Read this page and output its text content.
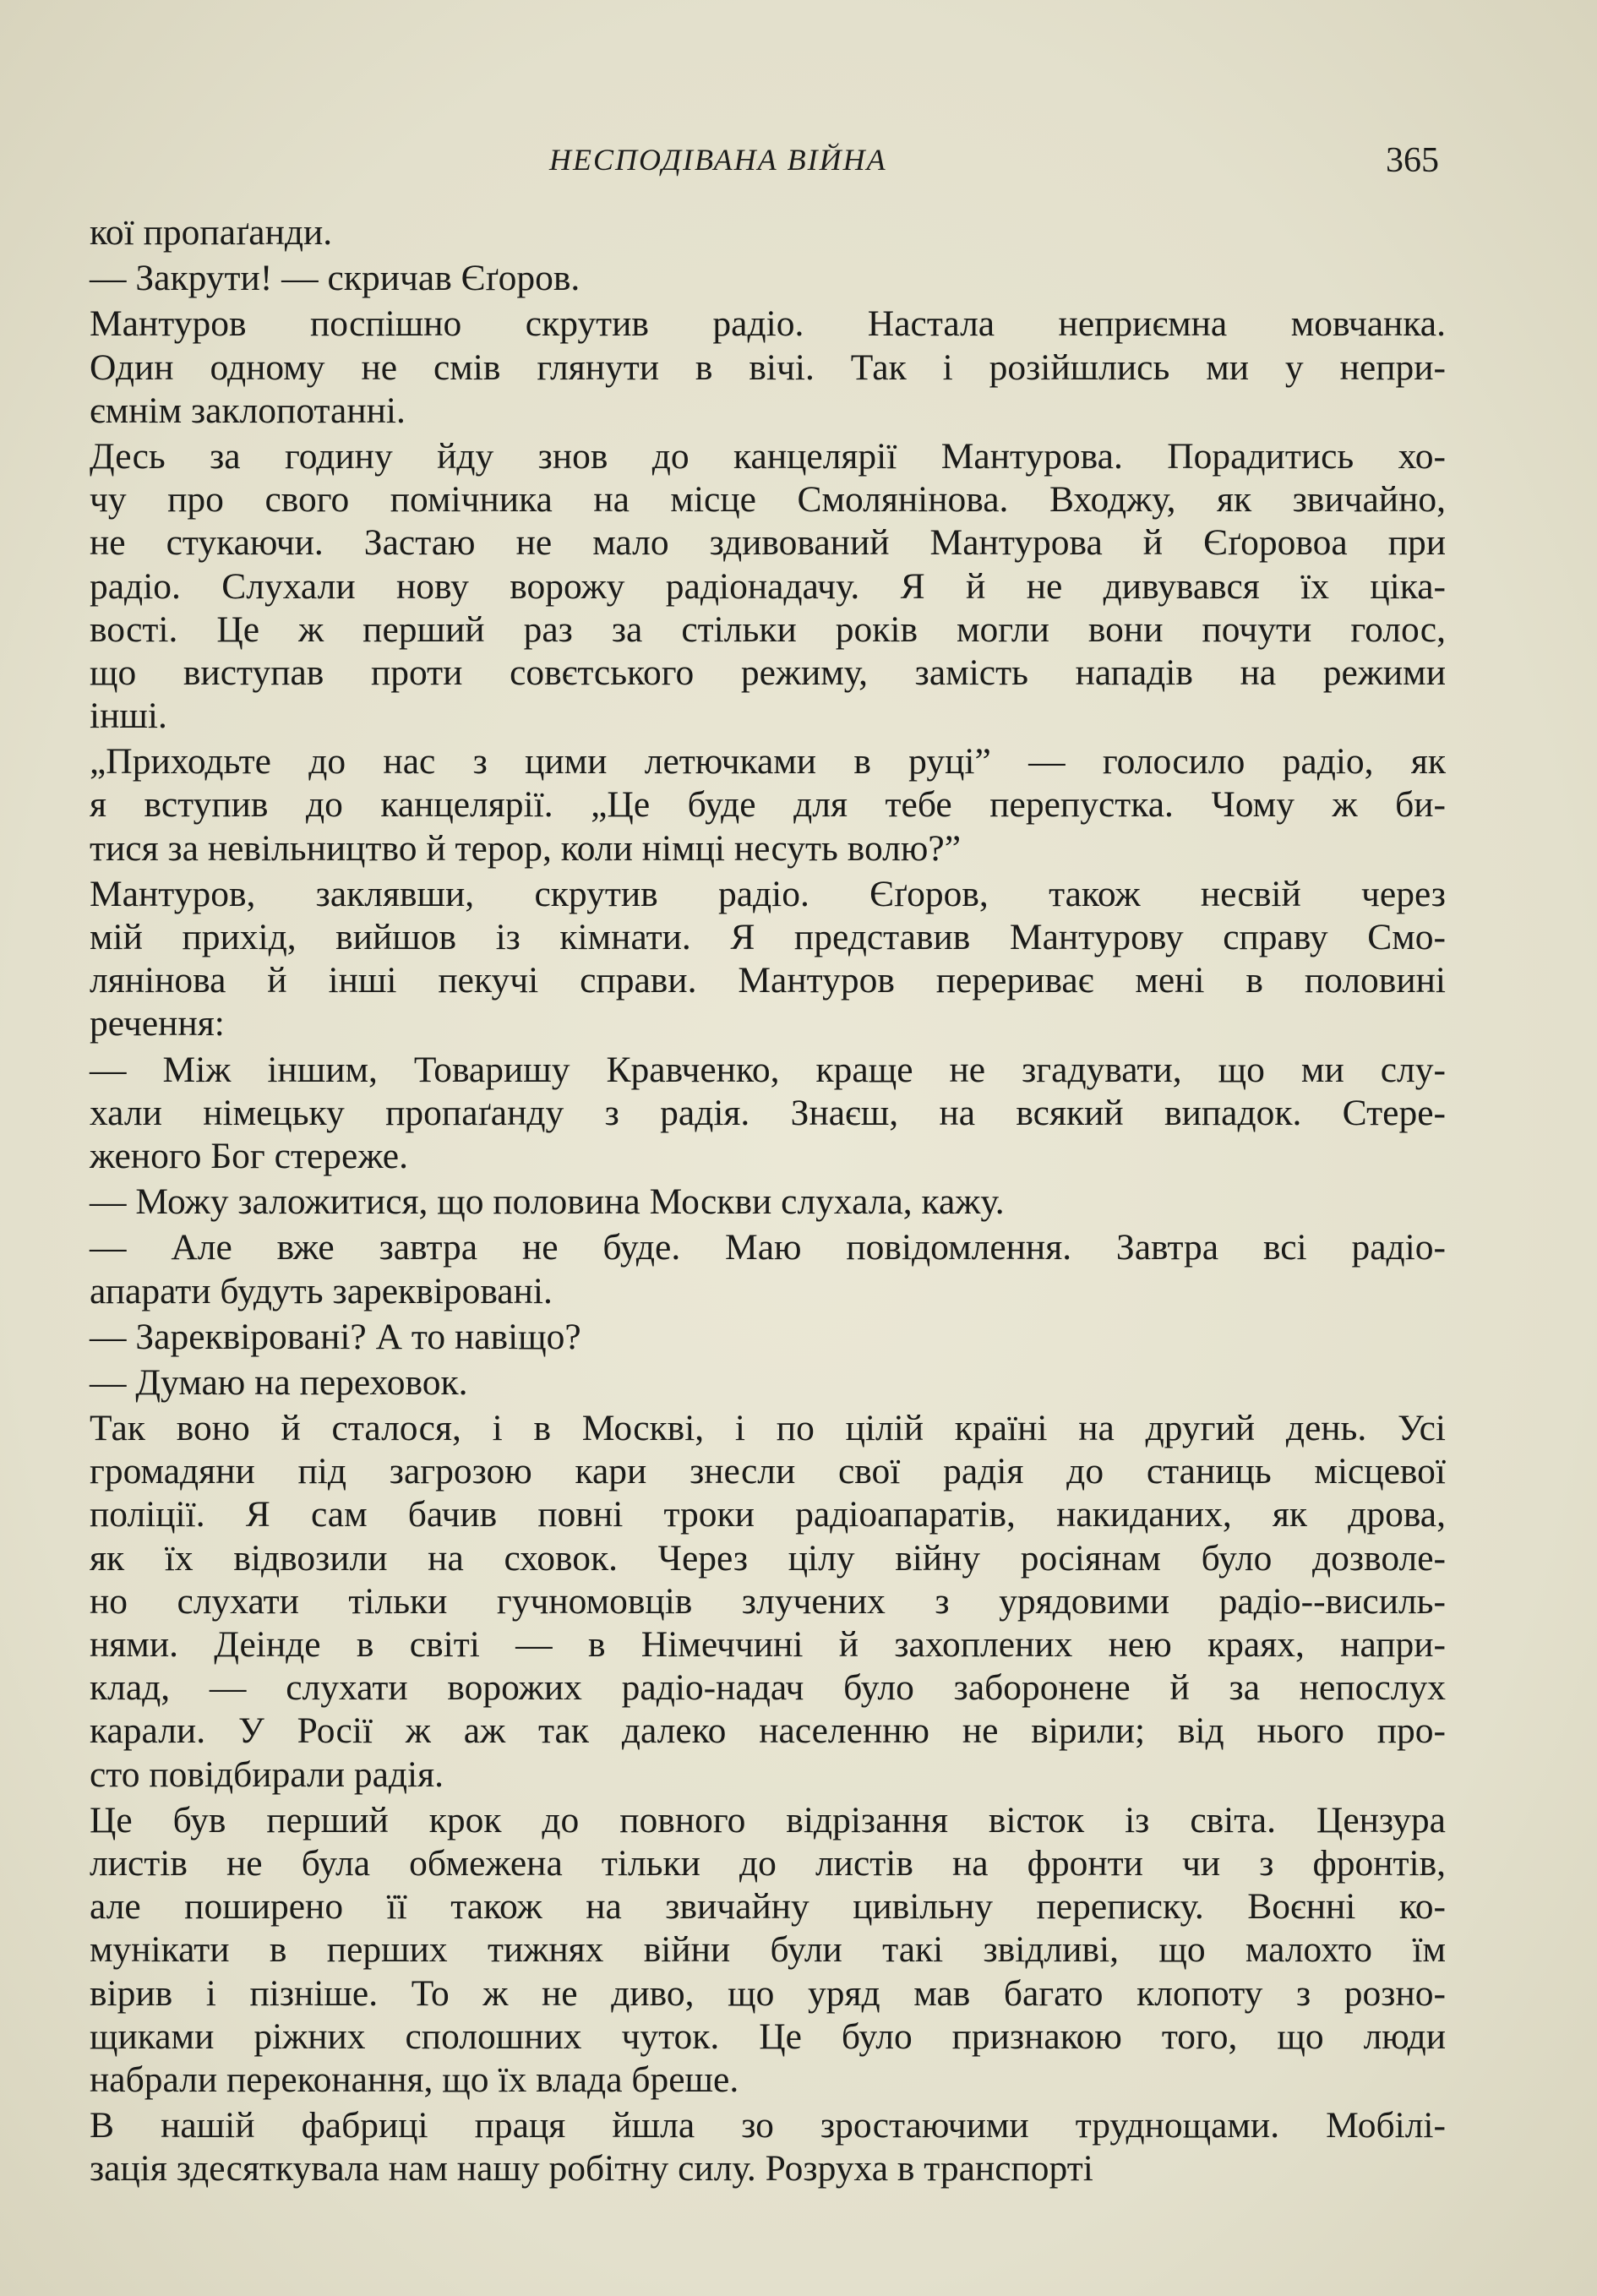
НЕСПОДІВАНА ВІЙНА	365
кої пропаґанди.
— Закрути! — скричав Єґоров.
Мантуров поспішно скрутив радіо. Настала неприємна мовчанка.
Один одному не смів глянути в вічі. Так і розійшлись ми у непри-
ємнім заклопотанні.
Десь за годину йду знов до канцелярії Мантурова. Порадитись хо-
чу про свого помічника на місце Смолянінова. Входжу, як звичайно,
не стукаючи. Застаю не мало здивований Мантурова й Єґоровоа при
радіо. Слухали нову ворожу радіонадачу. Я й не дивувався їх ціка-
вості. Це ж перший раз за стільки років могли вони почути голос,
що виступав проти совєтського режиму, замість нападів на режими
інші.
„Приходьте до нас з цими летючками в руці” — голосило радіо, як
я вступив до канцелярії. „Це буде для тебе перепустка. Чому ж би-
тися за невільництво й терор, коли німці несуть волю?”
Мантуров, заклявши, скрутив радіо. Єґоров, також несвій через
мій прихід, вийшов із кімнати. Я представив Мантурову справу Смо-
лянінова й інші пекучі справи. Мантуров перериває мені в половині
речення:
— Між іншим, Товаришу Кравченко, краще не згадувати, що ми слу-
хали німецьку пропаґанду з радія. Знаєш, на всякий випадок. Стере-
женого Бог стереже.
— Можу заложитися, що половина Москви слухала, кажу.
— Але вже завтра не буде. Маю повідомлення. Завтра всі радіо-
апарати будуть зареквіровані.
— Зареквіровані? А то навіщо?
— Думаю на переховок.
Так воно й сталося, і в Москві, і по цілій країні на другий день. Усі
громадяни під загрозою кари знесли свої радія до станиць місцевої
поліції. Я сам бачив повні троки радіоапаратів, накиданих, як дрова,
як їх відвозили на сховок. Через цілу війну росіянам було дозволе-
но слухати тільки гучномовців злучених з урядовими радіо--висиль-
нями. Деінде в світі — в Німеччині й захоплених нею краях, напри-
клад, — слухати ворожих радіо-надач було заборонене й за непослух
карали. У Росії ж аж так далеко населенню не вірили; від нього про-
сто повідбирали радія.
Це був перший крок до повного відрізання вісток із світа. Цензура
листів не була обмежена тільки до листів на фронти чи з фронтів,
але поширено її також на звичайну цивільну переписку. Воєнні ко-
мунікати в перших тижнях війни були такі звідливі, що малохто їм
вірив і пізніше. То ж не диво, що уряд мав багато клопоту з розно-
щиками ріжних сполошних чуток. Це було признакою того, що люди
набрали переконання, що їх влада бреше.
В нашій фабриці праця йшла зо зростаючими труднощами. Мобілі-
зація здесяткувала нам нашу робітну силу. Розруха в транспорті
